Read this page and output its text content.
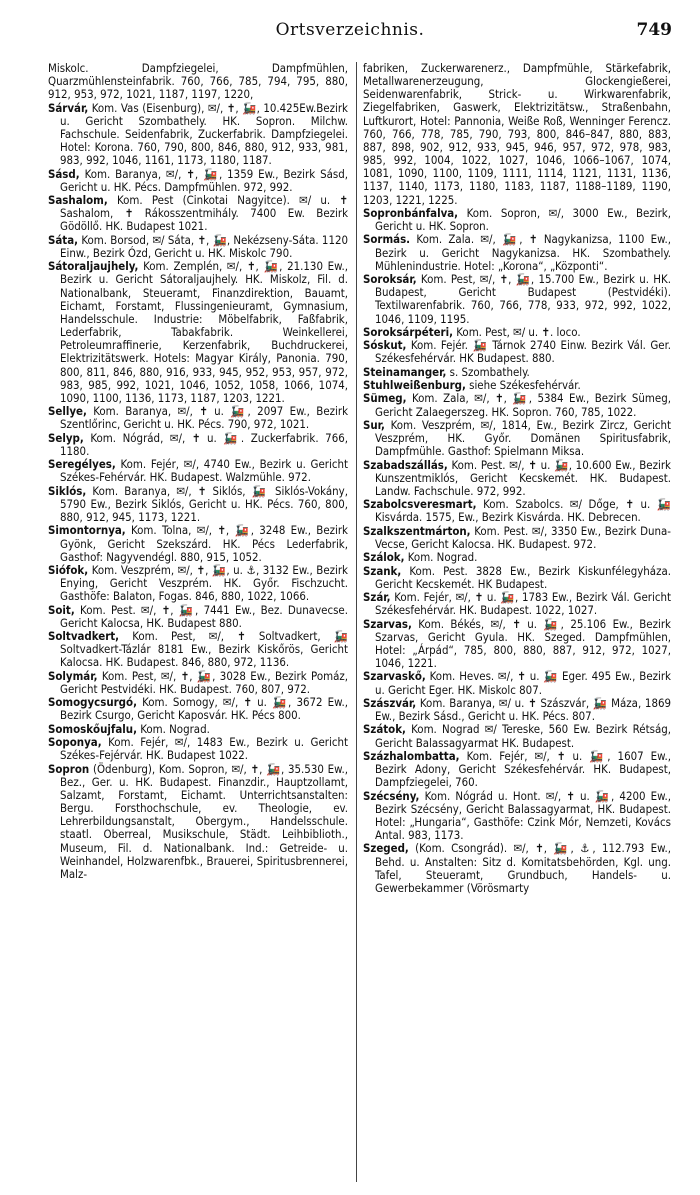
Ortsverzeichnis.	749
Miskolc. Dampfziegelei, Dampfmühlen, Quarzmühlensteinfabrik. 760, 766, 785, 794, 795, 880, 912, 953, 972, 1021, 1187, 1197, 1220,
Sárvár, Kom. Vas (Eisenburg), ✉/, ✝, 🚂, 10.425Ew.Bezirk u. Gericht Szombathely. HK. Sopron. Milchw. Fachschule. Seidenfabrik, Zuckerfabrik. Dampfziegelei. Hotel: Korona. 760, 790, 800, 846, 880, 912, 933, 981, 983, 992, 1046, 1161, 1173, 1180, 1187.
Sásd, Kom. Baranya, ✉/, ✝, 🚂, 1359 Ew., Bezirk Sásd, Gericht u. HK. Pécs. Dampfmühlen. 972, 992.
Sashalom, Kom. Pest (Cinkotai Nagyitce). ✉/ u. ✝ Sashalom, ✝ Rákosszentmihály. 7400 Ew. Bezirk Gödöllő. HK. Budapest 1021.
Sáta, Kom. Borsod, ✉/ Sáta, ✝, 🚂, Nekézseny-Sáta. 1120 Einw., Bezirk Ózd, Gericht u. HK. Miskolc 790.
Sátoraljaujhely, Kom. Zemplén, ✉/, ✝, 🚂, 21.130 Ew., Bezirk u. Gericht Sátoraljaujhely. HK. Miskolz, Fil. d. Nationalbank, Steueramt, Finanzdirektion, Bauamt, Eichamt, Forstamt, Flussingenieuramt, Gymnasium, Handelsschule. Industrie: Möbelfabrik, Faßfabrik, Lederfabrik, Tabakfabrik. Weinkellerei, Petroleumraffinerie, Kerzenfabrik, Buchdruckerei, Elektrizitätswerk. Hotels: Magyar Király, Panonia. 790, 800, 811, 846, 880, 916, 933, 945, 952, 953, 957, 972, 983, 985, 992, 1021, 1046, 1052, 1058, 1066, 1074, 1090, 1100, 1136, 1173, 1187, 1203, 1221.
Sellye, Kom. Baranya, ✉/, ✝ u. 🚂, 2097 Ew., Bezirk Szentlőrinc, Gericht u. HK. Pécs. 790, 972, 1021.
Selyp, Kom. Nógrád, ✉/, ✝ u. 🚂. Zuckerfabrik. 766, 1180.
Seregélyes, Kom. Fejér, ✉/, 4740 Ew., Bezirk u. Gericht Székes-Fehérvár. HK. Budapest. Walzmühle. 972.
Siklós, Kom. Baranya, ✉/, ✝ Siklós, 🚂 Siklós-Vokány, 5790 Ew., Bezirk Siklós, Gericht u. HK. Pécs. 760, 800, 880, 912, 945, 1173, 1221.
Simontornya, Kom. Tolna, ✉/, ✝, 🚂, 3248 Ew., Bezirk Gyönk, Gericht Szekszárd. HK. Pécs Lederfabrik, Gasthof: Nagyvendégl. 880, 915, 1052.
Siófok, Kom. Veszprém, ✉/, ✝, 🚂, u. ⚓, 3132 Ew., Bezirk Enying, Gericht Veszprém. HK. Győr. Fischzucht. Gasthöfe: Balaton, Fogas. 846, 880, 1022, 1066.
Soit, Kom. Pest. ✉/, ✝, 🚂, 7441 Ew., Bez. Dunavecse. Gericht Kalocsa, HK. Budapest 880.
Soltvadkert, Kom. Pest, ✉/, ✝ Soltvadkert, 🚂 Soltvadkert-Tázlár 8181 Ew., Bezirk Kiskőrös, Gericht Kalocsa. HK. Budapest. 846, 880, 972, 1136.
Solymár, Kom. Pest, ✉/, ✝, 🚂, 3028 Ew., Bezirk Pomáz, Gericht Pestvidéki. HK. Budapest. 760, 807, 972.
Somogycsurgó, Kom. Somogy, ✉/, ✝ u. 🚂, 3672 Ew., Bezirk Csurgo, Gericht Kaposvár. HK. Pécs 800.
Somoskőujfalu, Kom. Nograd.
Soponya, Kom. Fejér, ✉/, 1483 Ew., Bezirk u. Gericht Székes-Fejérvár. HK. Budapest 1022.
Sopron (Ödenburg), Kom. Sopron, ✉/, ✝, 🚂, 35.530 Ew., Bez., Ger. u. HK. Budapest. Finanzdir., Hauptzollamt, Salzamt, Forstamt, Eichamt. Unterrichtsanstalten: Bergu. Forsthochschule, ev. Theologie, ev. Lehrerbildungsanstalt, Obergym., Handelsschule. staatl. Oberreal, Musikschule, Städt. Leihbiblioth., Museum, Fil. d. Nationalbank. Ind.: Getreide- u. Weinhandel, Holzwarenfbk., Brauerei, Spiritusbrennerei, Malz-
fabriken, Zuckerwarenerz., Dampfmühle, Stärkefabrik, Metallwarenerzeugung, Glockengießerei, Seidenwarenfabrik, Strick- u. Wirkwarenfabrik, Ziegelfabriken, Gaswerk, Elektrizitätsw., Straßenbahn, Luftkurort, Hotel: Pannonia, Weiße Roß, Wenninger Ferencz. 760, 766, 778, 785, 790, 793, 800, 846–847, 880, 883, 887, 898, 902, 912, 933, 945, 946, 957, 972, 978, 983, 985, 992, 1004, 1022, 1027, 1046, 1066–1067, 1074, 1081, 1090, 1100, 1109, 1111, 1114, 1121, 1131, 1136, 1137, 1140, 1173, 1180, 1183, 1187, 1188–1189, 1190, 1203, 1221, 1225.
Sopronbánfalva, Kom. Sopron, ✉/, 3000 Ew., Bezirk, Gericht u. HK. Sopron.
Sormás. Kom. Zala. ✉/, 🚂, ✝ Nagykanizsa, 1100 Ew., Bezirk u. Gericht Nagykanizsa. HK. Szombathely. Mühlenindustrie. Hotel: „Korona“, „Központi“.
Soroksár, Kom. Pest, ✉/, ✝, 🚂, 15.700 Ew., Bezirk u. HK. Budapest, Gericht Budapest (Pestvidéki). Textilwarenfabrik. 760, 766, 778, 933, 972, 992, 1022, 1046, 1109, 1195.
Soroksárpéteri, Kom. Pest, ✉/ u. ✝. loco.
Sóskut, Kom. Fejér. 🚂 Tárnok 2740 Einw. Bezirk Vál. Ger. Székesfehérvár. HK Budapest. 880.
Steinamanger, s. Szombathely.
Stuhlweißenburg, siehe Székesfehérvár.
Sümeg, Kom. Zala, ✉/, ✝, 🚂, 5384 Ew., Bezirk Sümeg, Gericht Zalaegerszeg. HK. Sopron. 760, 785, 1022.
Sur, Kom. Veszprém, ✉/, 1814, Ew., Bezirk Zircz, Gericht Veszprém, HK. Győr. Domänen Spiritusfabrik, Dampfmühle. Gasthof: Spielmann Miksa.
Szabadszállás, Kom. Pest. ✉/, ✝ u. 🚂, 10.600 Ew., Bezirk Kunszentmiklós, Gericht Kecskemét. HK. Budapest. Landw. Fachschule. 972, 992.
Szabolcsveresmart, Kom. Szabolcs. ✉/ Dőge, ✝ u. 🚂 Kisvárda. 1575, Ew., Bezirk Kisvárda. HK. Debrecen.
Szalkszentmárton, Kom. Pest. ✉/, 3350 Ew., Bezirk Duna-Vecse, Gericht Kalocsa. HK. Budapest. 972.
Szálok, Kom. Nograd.
Szank, Kom. Pest. 3828 Ew., Bezirk Kiskunfélegyháza. Gericht Kecskemét. HK Budapest.
Szár, Kom. Fejér, ✉/, ✝ u. 🚂, 1783 Ew., Bezirk Vál. Gericht Székesfehérvár. HK. Budapest. 1022, 1027.
Szarvas, Kom. Békés, ✉/, ✝ u. 🚂, 25.106 Ew., Bezirk Szarvas, Gericht Gyula. HK. Szeged. Dampfmühlen, Hotel: „Árpád“, 785, 800, 880, 887, 912, 972, 1027, 1046, 1221.
Szarvaskő, Kom. Heves. ✉/, ✝ u. 🚂 Eger. 495 Ew., Bezirk u. Gericht Eger. HK. Miskolc 807.
Szászvár, Kom. Baranya, ✉/ u. ✝ Szászvár, 🚂 Máza, 1869 Ew., Bezirk Sásd., Gericht u. HK. Pécs. 807.
Szátok, Kom. Nograd ✉/ Tereske, 560 Ew. Bezirk Rétság, Gericht Balassagyarmat HK. Budapest.
Százhalombatta, Kom. Fejér, ✉/, ✝ u. 🚂, 1607 Ew., Bezirk Adony, Gericht Székesfehérvár. HK. Budapest, Dampfziegelei, 760.
Szécsény, Kom. Nógrád u. Hont. ✉/, ✝ u. 🚂, 4200 Ew., Bezirk Szécsény, Gericht Balassagyarmat, HK. Budapest. Hotel: „Hungaria“, Gasthöfe: Czink Mór, Nemzeti, Kovács Antal. 983, 1173.
Szeged, (Kom. Csongrád). ✉/, ✝, 🚂, ⚓, 112.793 Ew., Behd. u. Anstalten: Sitz d. Komitatsbehörden, Kgl. ung. Tafel, Steueramt, Grundbuch, Handels- u. Gewerbekammer (Vörösmarty
